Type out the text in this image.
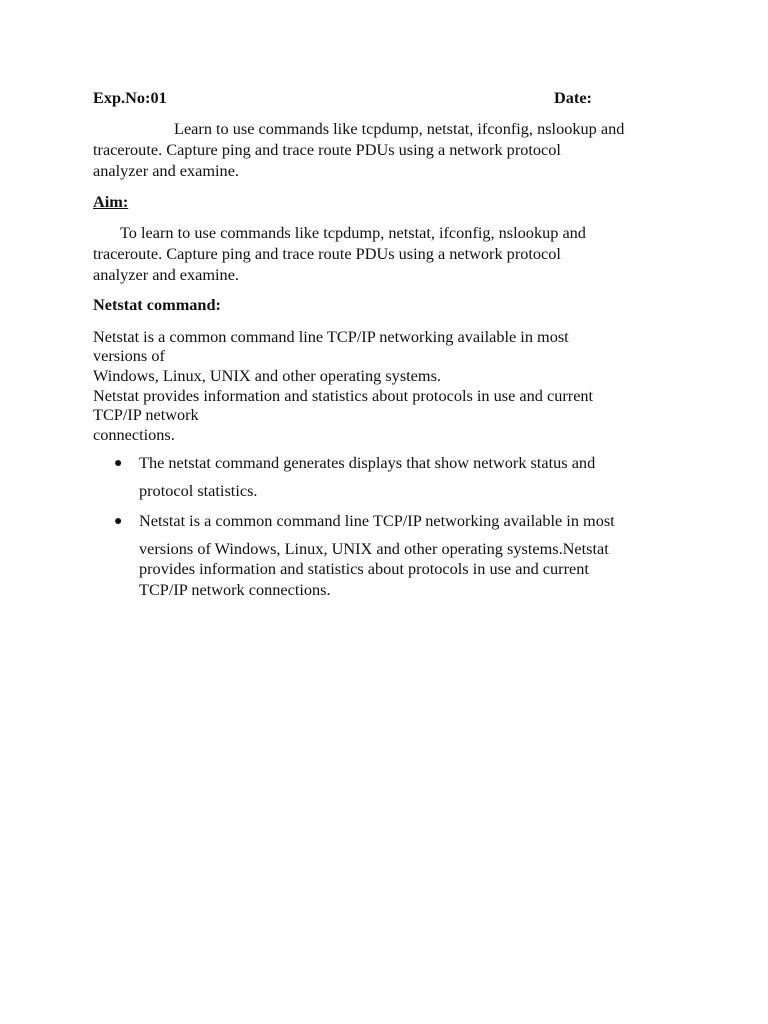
Exp.No:01	Date:
Learn to use commands like tcpdump, netstat, ifconfig, nslookup and
traceroute. Capture ping and trace route PDUs using a network protocol
analyzer and examine.
Aim:
To learn to use commands like tcpdump, netstat, ifconfig, nslookup and
traceroute. Capture ping and trace route PDUs using a network protocol
analyzer and examine.
Netstat command:
Netstat is a common command line TCP/IP networking available in most
versions of
Windows, Linux, UNIX and other operating systems.
Netstat provides information and statistics about protocols in use and current
TCP/IP network
connections.
● The netstat command generates displays that show network status and
protocol statistics.
● Netstat is a common command line TCP/IP networking available in most
versions of Windows, Linux, UNIX and other operating systems.Netstat
provides information and statistics about protocols in use and current
TCP/IP network connections.
